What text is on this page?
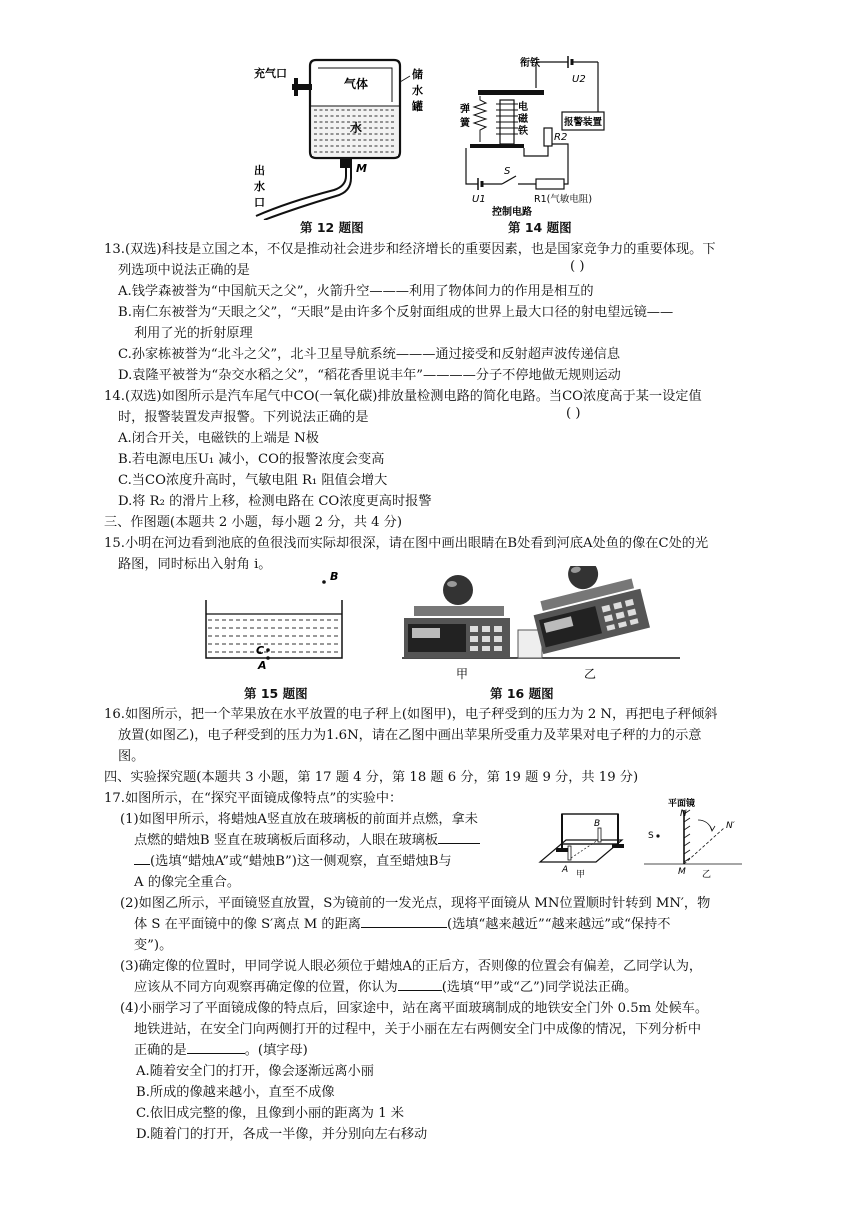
充气口
气体
水
储
水
罐
M
出
水
口
第 12 题图
U2
衔铁
电
磁
铁
弹
簧
R2
报警装置
S
U1	R1(气敏电阻)
控制电路
第 14 题图
13.(双选)科技是立国之本，不仅是推动社会进步和经济增长的重要因素，也是国家竞争力的重要体现。下
列选项中说法正确的是	( )
A.钱学森被誉为“中国航天之父”，火箭升空———利用了物体间力的作用是相互的
B.南仁东被誉为“天眼之父”，“天眼”是由许多个反射面组成的世界上最大口径的射电望远镜——
利用了光的折射原理
C.孙家栋被誉为“北斗之父”，北斗卫星导航系统———通过接受和反射超声波传递信息
D.袁隆平被誉为“杂交水稻之父”，“稻花香里说丰年”————分子不停地做无规则运动
14.(双选)如图所示是汽车尾气中CO(一氧化碳)排放量检测电路的简化电路。当CO浓度高于某一设定值
时，报警装置发声报警。下列说法正确的是	( )
A.闭合开关，电磁铁的上端是 N极
B.若电源电压U₁ 减小，CO的报警浓度会变高
C.当CO浓度升高时，气敏电阻 R₁ 阻值会增大
D.将 R₂ 的滑片上移，检测电路在 CO浓度更高时报警
三、作图题(本题共 2 小题，每小题 2 分，共 4 分)
15.小明在河边看到池底的鱼很浅而实际却很深，请在图中画出眼睛在B处看到河底A处鱼的像在C处的光
路图，同时标出入射角 i。
B
C
A
第 15 题图
甲	乙
第 16 题图
16.如图所示，把一个苹果放在水平放置的电子秤上(如图甲)，电子秤受到的压力为 2 N，再把电子秤倾斜
放置(如图乙)，电子秤受到的压力为1.6N，请在乙图中画出苹果所受重力及苹果对电子秤的力的示意
图。
四、实验探究题(本题共 3 小题，第 17 题 4 分，第 18 题 6 分，第 19 题 9 分，共 19 分)
17.如图所示，在“探究平面镜成像特点”的实验中：
(1)如图甲所示，将蜡烛A竖直放在玻璃板的前面并点燃，拿未
点燃的蜡烛B 竖直在玻璃板后面移动，人眼在玻璃板
(选填“蜡烛A”或“蜡烛B”)这一侧观察，直至蜡烛B与
A 的像完全重合。
B
A 甲
平面镜
N
N′
S
M 乙
(2)如图乙所示，平面镜竖直放置，S为镜前的一发光点，现将平面镜从 MN位置顺时针转到 MN′，物
体 S 在平面镜中的像 S′离点 M 的距离	(选填“越来越近”“越来越远”或“保持不
变”)。
(3)确定像的位置时，甲同学说人眼必须位于蜡烛A的正后方，否则像的位置会有偏差，乙同学认为，
应该从不同方向观察再确定像的位置，你认为	(选填“甲”或“乙”)同学说法正确。
(4)小丽学习了平面镜成像的特点后，回家途中，站在离平面玻璃制成的地铁安全门外 0.5m 处候车。
地铁进站，在安全门向两侧打开的过程中，关于小丽在左右两侧安全门中成像的情况，下列分析中
正确的是	。(填字母)
A.随着安全门的打开，像会逐渐远离小丽
B.所成的像越来越小，直至不成像
C.依旧成完整的像，且像到小丽的距离为 1 米
D.随着门的打开，各成一半像，并分别向左右移动
